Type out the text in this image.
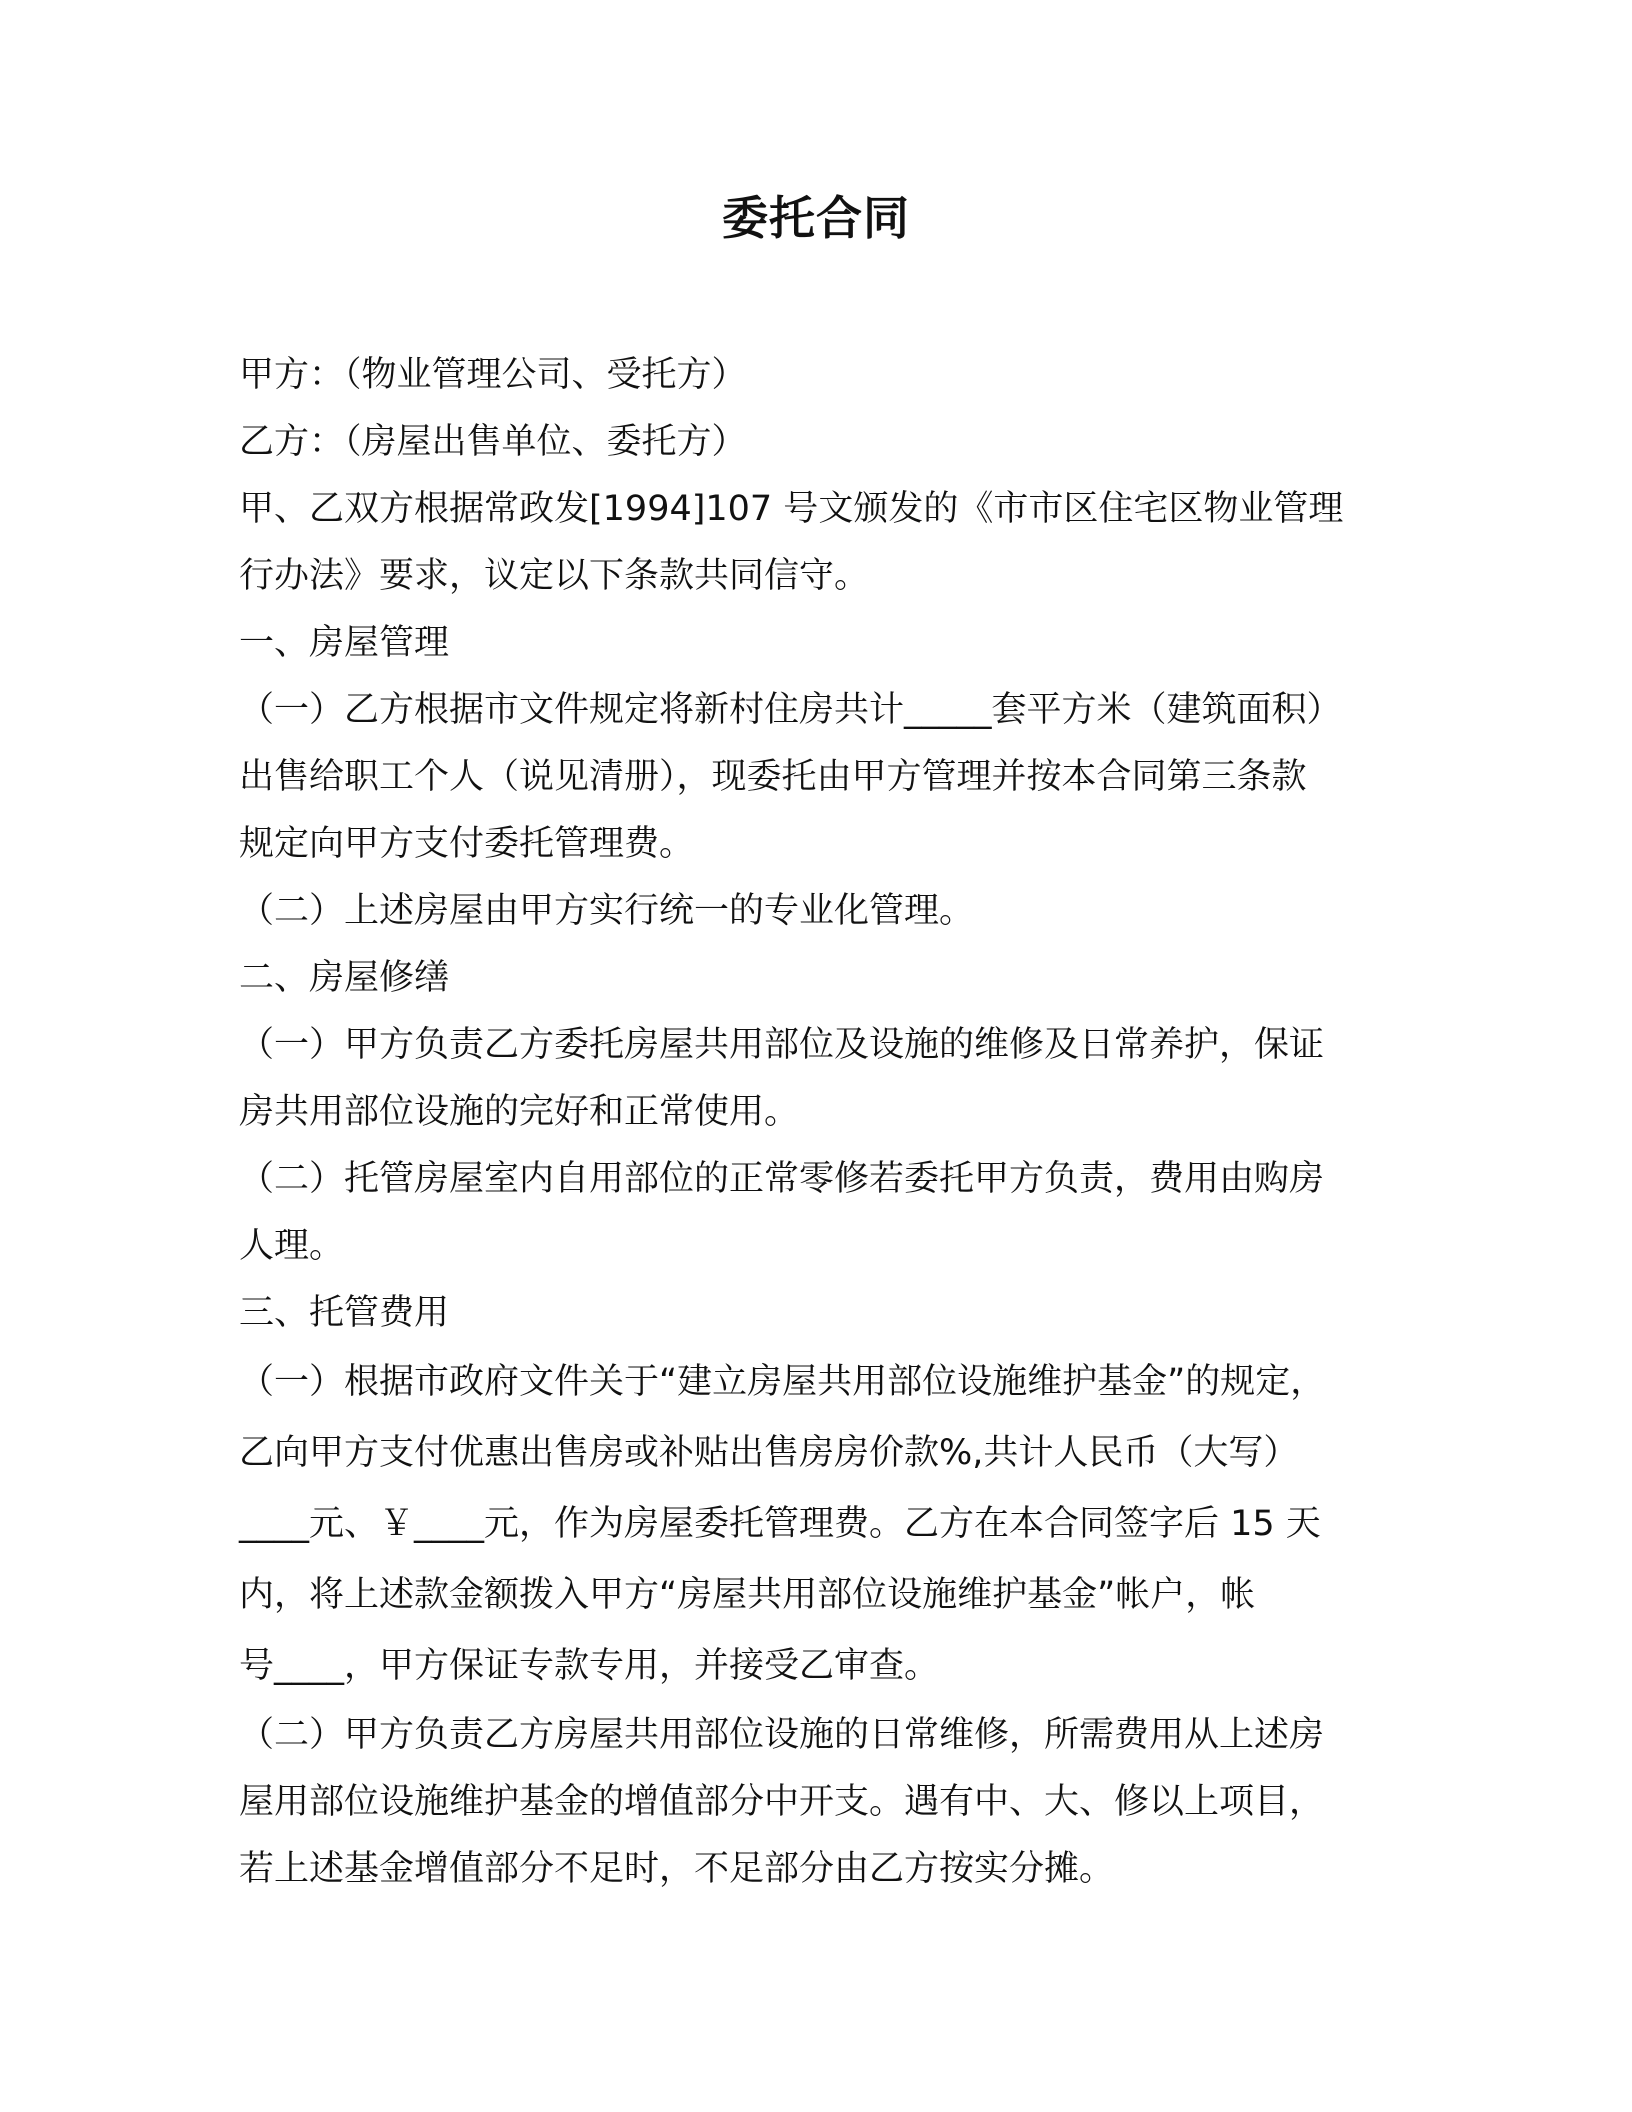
委托合同
甲方：（物业管理公司、受托方）
乙方：（房屋出售单位、委托方）
甲、乙双方根据常政发[1994]107 号文颁发的《市市区住宅区物业管理
行办法》要求，议定以下条款共同信守。
一、房屋管理
（一）乙方根据市文件规定将新村住房共计_____套平方米（建筑面积）
出售给职工个人（说见清册），现委托由甲方管理并按本合同第三条款
规定向甲方支付委托管理费。
（二）上述房屋由甲方实行统一的专业化管理。
二、房屋修缮
（一）甲方负责乙方委托房屋共用部位及设施的维修及日常养护，保证
房共用部位设施的完好和正常使用。
（二）托管房屋室内自用部位的正常零修若委托甲方负责，费用由购房
人理。
三、托管费用
（一）根据市政府文件关于“建立房屋共用部位设施维护基金”的规定，
乙向甲方支付优惠出售房或补贴出售房房价款%,共计人民币（大写）
____元、￥____元，作为房屋委托管理费。乙方在本合同签字后 15 天
内，将上述款金额拨入甲方“房屋共用部位设施维护基金”帐户，帐
号____，甲方保证专款专用，并接受乙审查。
（二）甲方负责乙方房屋共用部位设施的日常维修，所需费用从上述房
屋用部位设施维护基金的增值部分中开支。遇有中、大、修以上项目，
若上述基金增值部分不足时，不足部分由乙方按实分摊。
